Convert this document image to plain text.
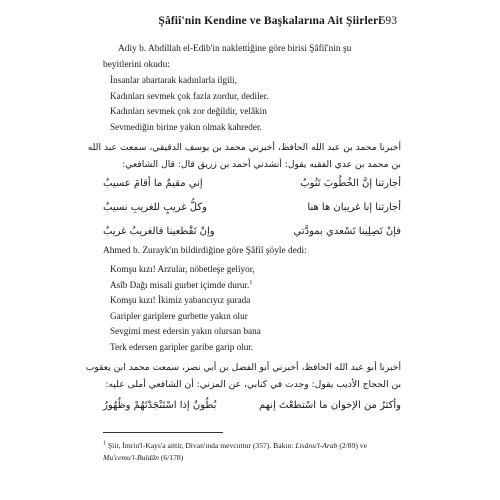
Şâfiî'nin Kendine ve Başkalarına Ait Şiirleri
593
Adiy b. Abdillah el-Edib'in nakletti̇ğine göre birisi Şâfiî'nin şu
beyitlerini okudu:
İnsanlar abartarak kadınlarla ilgili,
Kadınları sevmek çok fazla zordur, dediler.
Kadınları sevmek çok zor değildir, velâkin
Sevmediğin birine yakın olmak kahreder.
أخبرنا محمد بن عبد الله الحافظ، أخبرني محمد بن يوسف الدقيقي، سمعت عبد الله
بن محمد بن عدي الفقيه يقول: أنشدني أحمد بن زريق قال: قال الشافعي:
أجارتنا إنَّ الخُطُوبَ تَنُوبُ
إني مقيمٌ ما أقامَ عسيبُ
أجارتنا إنا غريبان ها هنا
وكلُّ غريبٍ للغريبِ نسيبُ
فإنْ تَصِلِينا تَسْعدي بمودَّتي
وإنْ تَقْطعينا فالغريبُ غريبُ
Ahmed b. Zurayk'ın bildirdiğine göre Şâfiî şöyle dedi:
Komşu kızı! Arzular, nöbetleşe geliyor,
Asîb Dağı misali gurbet içimde durur.$^1$
Komşu kızı! İkimiz yabancıyız şurada
Garipler gariplere gurbette yakın olur
Sevgimi mest edersin yakın olursan bana
Terk edersen garipler garibe garip olur.
أخبرنا أبو عبد الله الحافظ، أخبرني أبو الفضل بن أبي نصر، سمعت محمد ابن يعقوب
بن الحجاج الأديب يقول: وجدت في كتابي، عن المزني: أن الشافعي أملى عليه:
وأكثرُ من الإخوان ما اسْتطعْتَ إنهم
بُطُونٌ إذا اسْتَنْجَدْتَهُمْ وظُهُورُ
$^1$ Şiir, İmriu'l-Kays'a aittir, Divan'ında mevcuttur (357). Bakın: Lisânu'l-Arab (2/89) ve Mu'cemu'l-Buldân (6/178)
